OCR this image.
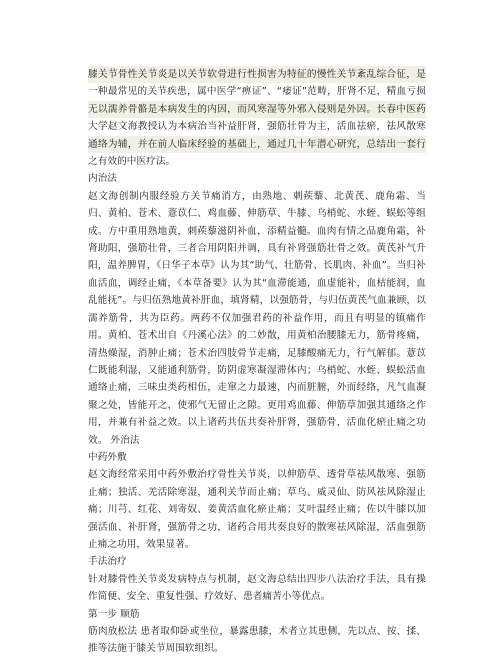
膝关节骨性关节炎是以关节软骨进行性损害为特征的慢性关节紊乱综合征，是一种最常见的关节疾患，属中医学“痹证”、“痿证”范畴，肝肾不足，精血亏损无以濡养骨骼是本病发生的内因，而风寒湿等外邪入侵则是外因。长春中医药大学赵文海教授认为本病治当补益肝肾，强筋壮骨为主，活血祛瘀，祛风散寒通络为辅，并在前人临床经验的基础上，通过几十年潜心研究，总结出一套行之有效的中医疗法。

内治法

赵文海创制内服经验方关节痛消方，由熟地、刺蒺藜、北黄芪、鹿角霜、当归、黄柏、苍术、薏苡仁、鸡血藤、伸筋草、牛膝、乌梢蛇、水蛭、蜈蚣等组成。方中重用熟地黄，刺蒺藜滋阴补血，添精益髓。血肉有情之品鹿角霜，补肾助阳，强筋壮骨，三者合用阴阳并调，具有补肾强筋壮骨之效。黄芪补气升阳，温养脾胃，《日华子本草》认为其“助气、壮筋骨、长肌肉、补血”。当归补血活血，调经止痛，《本草备要》认为其“血滞能通，血虚能补，血枯能润，血乱能抚”。与归伍熟地黄补肝血，填肾精，以强筋骨，与归伍黄芪气血兼顾，以濡养筋骨，共为臣药。两药不仅加强君药的补益作用，而且有明显的镇痛作用。黄柏、苍术出自《丹溪心法》的二妙散，用黄柏治腰膝无力，筋骨疼痛，清热燥湿，消肿止痛；苍术治四肢骨节走痛，足膝酸痛无力，行气解郁。薏苡仁既能利湿，又能通利筋骨，防阴虚寒凝湿滞体内；乌梢蛇、水蛭、蜈蚣活血通络止痛，三味虫类药相伍，走窜之力最速，内而脏腑，外而经络，凡气血凝聚之处，皆能开之，使邪气无留止之隙。更用鸡血藤、伸筋草加强其通络之作用，并兼有补益之效。以上诸药共伍共奏补肝肾，强筋骨，活血化瘀止痛之功效。 外治法

中药外敷

赵文海经常采用中药外敷治疗骨性关节炎，以伸筋草、透骨草祛风散寒、强筋止痛；独活、羌活除寒湿，通利关节而止痛；草乌、威灵仙、防风祛风除湿止痛；川芎、红花、刘寄奴、姜黄活血化瘀止痛；艾叶温经止痛；佐以牛膝以加强活血、补肝肾，强筋骨之功，诸药合用共奏良好的散寒祛风除湿，活血强筋止痛之功用，效果显著。

手法治疗

针对膝骨性关节炎发病特点与机制，赵文海总结出四步八法治疗手法，具有操作简便、安全、重复性强、疗效好、患者痛苦小等优点。

第一步 顺筋

筋肉放松法 患者取仰卧或坐位，暴露患膝，术者立其患侧，先以点、按、揉、推等法施于膝关节周围软组织。
